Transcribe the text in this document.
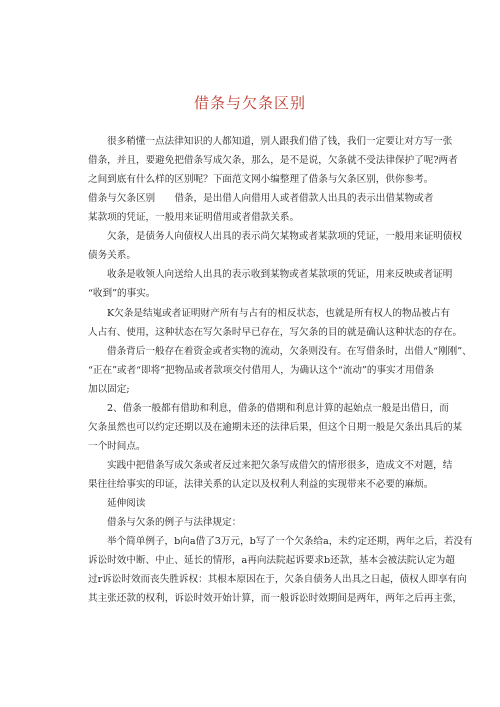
借条与欠条区别
很多稍懂一点法律知识的人都知道，别人跟我们借了钱，我们一定要让对方写一张
借条，并且，要避免把借条写成欠条，那么，是不是说，欠条就不受法律保护了呢?两者
之间到底有什么样的区别呢？下面范文网小编整理了借条与欠条区别，供你参考。
借条与欠条区别　　借条，是出借人向借用人或者借款人出具的表示出借某物或者
某款项的凭证，一般用来证明借用或者借款关系。
欠条，是债务人向债权人出具的表示尚欠某物或者某款项的凭证，一般用来证明债权
债务关系。
收条是收领人向送给人出具的表示收到某物或者某款项的凭证，用来反映或者证明
“收到”的事实。
K欠条是结嵬或者证明财产所有与占有的相反状态，也就是所有权人的物品被占有
人占有、使用，这种状态在写欠条时早已存在，写欠条的目的就是确认这种状态的存在。
借条背后一般存在着资金或者实物的流动，欠条则没有。在写借条时，出借人“刚刚”、
“正在”或者“即将”把物品或者款项交付借用人，为确认这个“流动”的事实才用借条
加以固定;
2、借条一般都有借助和利息，借条的借期和利息计算的起始点一般是出借日，而
欠条虽然也可以约定还期以及在逾期未还的法律后果，但这个日期一般是欠条出具后的某
一个时间点。
实践中把借条写成欠条或者反过来把欠条写成借欠的情形很多，造成文不对题，结
果往往给事实的印证，法律关系的认定以及权利人利益的实现带来不必要的麻烦。
延伸阅读
借条与欠条的例子与法律规定：
举个简单例子，b向a借了3万元，b写了一个欠条给a，未约定还期，两年之后，若没有
诉讼时效中断、中止、延长的情形，a再向法院起诉要求b还款，基本会被法院认定为超
过r诉讼时效而丧失胜诉权：其根本原因在于，欠条自债务人出具之日起，债权人即享有向
其主张还款的权利，诉讼时效开始计算，而一般诉讼时效期间是两年，两年之后再主张，
